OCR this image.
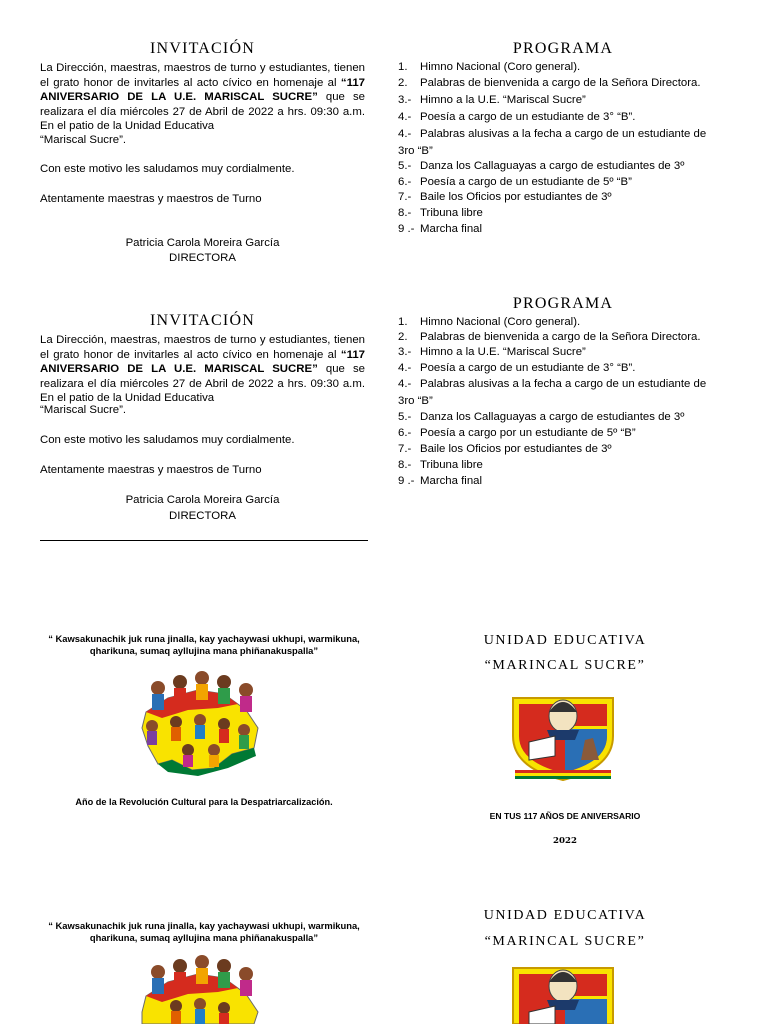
INVITACIÓN
La Dirección, maestras, maestros de turno y estudiantes, tienen el grato honor de invitarles al acto cívico en homenaje al “117 ANIVERSARIO DE LA U.E. MARISCAL SUCRE” que se realizara el día miércoles 27 de Abril de 2022 a hrs. 09:30 a.m. En el patio de la Unidad Educativa
“Mariscal Sucre”.
Con este motivo les saludamos muy cordialmente.
Atentamente maestras y maestros de Turno
Patricia Carola Moreira García
DIRECTORA
PROGRAMA
1. Himno Nacional (Coro general).
2. Palabras de bienvenida a cargo de la Señora Directora.
3.- Himno a la U.E. “Mariscal Sucre”
4.- Poesía a cargo de un estudiante de 3° “B”.
4.- Palabras alusivas a la fecha a cargo de un estudiante de
3ro “B”
5.- Danza los Callaguayas a cargo de estudiantes de 3º
6.- Poesía a cargo de un estudiante de 5º “B”
7.- Baile los Oficios por estudiantes de 3º
8.- Tribuna libre
9 .- Marcha final
INVITACIÓN
La Dirección, maestras, maestros de turno y estudiantes, tienen el grato honor de invitarles al acto cívico en homenaje al “117 ANIVERSARIO DE LA U.E. MARISCAL SUCRE” que se realizara el día miércoles 27 de Abril de 2022 a hrs. 09:30 a.m. En el patio de la Unidad Educativa
“Mariscal Sucre”.
Con este motivo les saludamos muy cordialmente.
Atentamente maestras y maestros de Turno
Patricia Carola Moreira García
DIRECTORA
PROGRAMA
1. Himno Nacional (Coro general).
2. Palabras de bienvenida a cargo de la Señora Directora.
3.- Himno a la U.E. “Mariscal Sucre”
4.- Poesía a cargo de un estudiante de 3° “B”.
4.- Palabras alusivas a la fecha a cargo de un estudiante de
3ro “B”
5.- Danza los Callaguayas a cargo de estudiantes de 3º
6.- Poesía a cargo por un estudiante de 5º “B”
7.- Baile los Oficios por estudiantes de 3º
8.- Tribuna libre
9 .- Marcha final
“ Kawsakunachik juk runa jinalla, kay yachaywasi ukhupi, warmikuna, qharikuna, sumaq ayllujina mana phiñanakuspalla”
Año de la Revolución Cultural para la Despatriarcalización.
UNIDAD EDUCATIVA
“MARINCAL SUCRE”
EN TUS 117 AÑOS DE ANIVERSARIO
2022
“ Kawsakunachik juk runa jinalla, kay yachaywasi ukhupi, warmikuna, qharikuna, sumaq ayllujina mana phiñanakuspalla”
UNIDAD EDUCATIVA
“MARINCAL SUCRE”
